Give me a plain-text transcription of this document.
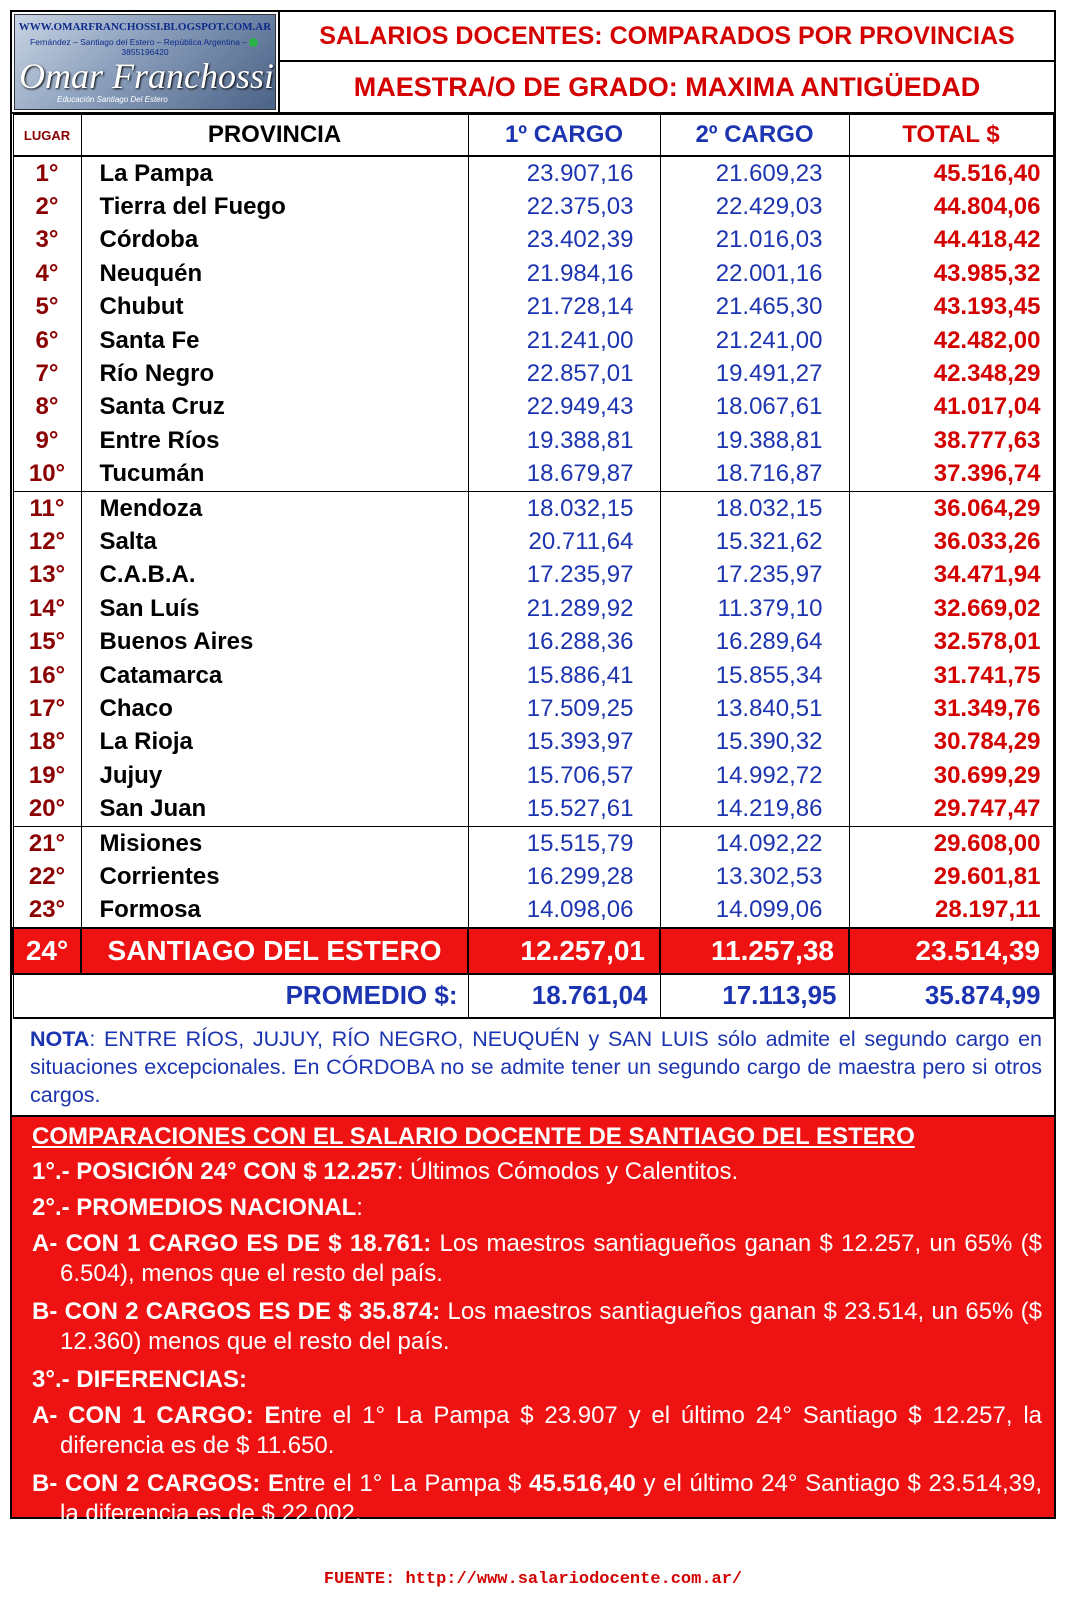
WWW.OMARFRANCHOSSI.BLOGSPOT.COM.AR
Fernández – Santiago del Estero – República Argentina –3855196420
Omar Franchossi
Educación Santiago Del Estero
SALARIOS DOCENTES: COMPARADOS POR PROVINCIAS
MAESTRA/O DE GRADO: MAXIMA ANTIGÜEDAD
LUGAR	PROVINCIA	1º CARGO	2º CARGO	TOTAL $
1°	La Pampa	23.907,16	21.609,23	45.516,40
2°	Tierra del Fuego	22.375,03	22.429,03	44.804,06
3°	Córdoba	23.402,39	21.016,03	44.418,42
4°	Neuquén	21.984,16	22.001,16	43.985,32
5°	Chubut	21.728,14	21.465,30	43.193,45
6°	Santa Fe	21.241,00	21.241,00	42.482,00
7°	Río Negro	22.857,01	19.491,27	42.348,29
8°	Santa Cruz	22.949,43	18.067,61	41.017,04
9°	Entre Ríos	19.388,81	19.388,81	38.777,63
10°	Tucumán	18.679,87	18.716,87	37.396,74
11°	Mendoza	18.032,15	18.032,15	36.064,29
12°	Salta	20.711,64	15.321,62	36.033,26
13°	C.A.B.A.	17.235,97	17.235,97	34.471,94
14°	San Luís	21.289,92	11.379,10	32.669,02
15°	Buenos Aires	16.288,36	16.289,64	32.578,01
16°	Catamarca	15.886,41	15.855,34	31.741,75
17°	Chaco	17.509,25	13.840,51	31.349,76
18°	La Rioja	15.393,97	15.390,32	30.784,29
19°	Jujuy	15.706,57	14.992,72	30.699,29
20°	San Juan	15.527,61	14.219,86	29.747,47
21°	Misiones	15.515,79	14.092,22	29.608,00
22°	Corrientes	16.299,28	13.302,53	29.601,81
23°	Formosa	14.098,06	14.099,06	28.197,11
24°	SANTIAGO DEL ESTERO	12.257,01	11.257,38	23.514,39
PROMEDIO $:		18.761,04	17.113,95	35.874,99
NOTA: ENTRE RÍOS, JUJUY, RÍO NEGRO, NEUQUÉN y SAN LUIS sólo admite el segundo cargo en situaciones excepcionales. En CÓRDOBA no se admite tener un segundo cargo de maestra pero si otros cargos.
COMPARACIONES CON EL SALARIO DOCENTE DE SANTIAGO DEL ESTERO
1°.- POSICIÓN 24° CON $ 12.257: Últimos Cómodos y Calentitos.
2°.- PROMEDIOS NACIONAL:
A- CON 1 CARGO ES DE $ 18.761: Los maestros santiagueños ganan $ 12.257, un 65% ($ 6.504), menos que el resto del país.
B- CON 2 CARGOS ES DE $ 35.874: Los maestros santiagueños ganan $ 23.514, un 65% ($ 12.360) menos que el resto del país.
3°.- DIFERENCIAS:
A- CON 1 CARGO: Entre el 1° La Pampa $ 23.907 y el último 24° Santiago $ 12.257, la diferencia es de $ 11.650.
B- CON 2 CARGOS: Entre el 1° La Pampa $ 45.516,40 y el último 24° Santiago $ 23.514,39, la diferencia es de $ 22.002.
FUENTE: http://www.salariodocente.com.ar/
